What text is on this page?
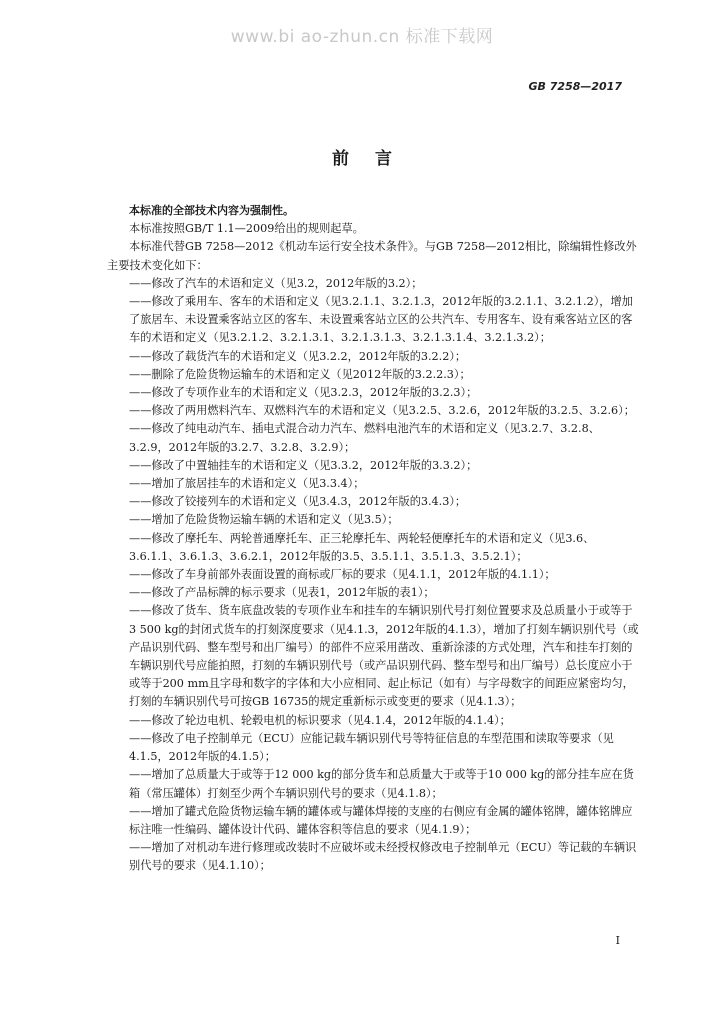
www.bi ao-zhun.cn 标准下载网
GB 7258—2017
前言

本标准的全部技术内容为强制性。

本标准按照GB/T 1.1—2009给出的规则起草。

本标准代替GB 7258—2012《机动车运行安全技术条件》。与GB 7258—2012相比，除编辑性修改外主要技术变化如下：

——修改了汽车的术语和定义（见3.2，2012年版的3.2）；

——修改了乘用车、客车的术语和定义（见3.2.1.1、3.2.1.3，2012年版的3.2.1.1、3.2.1.2），增加了旅居车、未设置乘客站立区的客车、未设置乘客站立区的公共汽车、专用客车、设有乘客站立区的客车的术语和定义（见3.2.1.2、3.2.1.3.1、3.2.1.3.1.3、3.2.1.3.1.4、3.2.1.3.2）；

——修改了载货汽车的术语和定义（见3.2.2，2012年版的3.2.2）；

——删除了危险货物运输车的术语和定义（见2012年版的3.2.2.3）；

——修改了专项作业车的术语和定义（见3.2.3，2012年版的3.2.3）；

——修改了两用燃料汽车、双燃料汽车的术语和定义（见3.2.5、3.2.6，2012年版的3.2.5、3.2.6）；

——修改了纯电动汽车、插电式混合动力汽车、燃料电池汽车的术语和定义（见3.2.7、3.2.8、3.2.9，2012年版的3.2.7、3.2.8、3.2.9）；

——修改了中置轴挂车的术语和定义（见3.3.2，2012年版的3.3.2）；

——增加了旅居挂车的术语和定义（见3.3.4）；

——修改了铰接列车的术语和定义（见3.4.3，2012年版的3.4.3）；

——增加了危险货物运输车辆的术语和定义（见3.5）；

——修改了摩托车、两轮普通摩托车、正三轮摩托车、两轮轻便摩托车的术语和定义（见3.6、3.6.1.1、3.6.1.3、3.6.2.1，2012年版的3.5、3.5.1.1、3.5.1.3、3.5.2.1）；

——修改了车身前部外表面设置的商标或厂标的要求（见4.1.1，2012年版的4.1.1）；

——修改了产品标牌的标示要求（见表1，2012年版的表1）；

——修改了货车、货车底盘改装的专项作业车和挂车的车辆识别代号打刻位置要求及总质量小于或等于3 500 kg的封闭式货车的打刻深度要求（见4.1.3，2012年版的4.1.3），增加了打刻车辆识别代号（或产品识别代码、整车型号和出厂编号）的部件不应采用凿改、重新涂漆的方式处理，汽车和挂车打刻的车辆识别代号应能拍照，打刻的车辆识别代号（或产品识别代码、整车型号和出厂编号）总长度应小于或等于200 mm且字母和数字的字体和大小应相同、起止标记（如有）与字母数字的间距应紧密均匀，打刻的车辆识别代号可按GB 16735的规定重新标示或变更的要求（见4.1.3）；

——修改了轮边电机、轮毂电机的标识要求（见4.1.4，2012年版的4.1.4）；

——修改了电子控制单元（ECU）应能记载车辆识别代号等特征信息的车型范围和读取等要求（见4.1.5，2012年版的4.1.5）；

——增加了总质量大于或等于12 000 kg的部分货车和总质量大于或等于10 000 kg的部分挂车应在货箱（常压罐体）打刻至少两个车辆识别代号的要求（见4.1.8）；

——增加了罐式危险货物运输车辆的罐体或与罐体焊接的支座的右侧应有金属的罐体铭牌，罐体铭牌应标注唯一性编码、罐体设计代码、罐体容积等信息的要求（见4.1.9）；

——增加了对机动车进行修理或改装时不应破坏或未经授权修改电子控制单元（ECU）等记载的车辆识别代号的要求（见4.1.10）；

I
